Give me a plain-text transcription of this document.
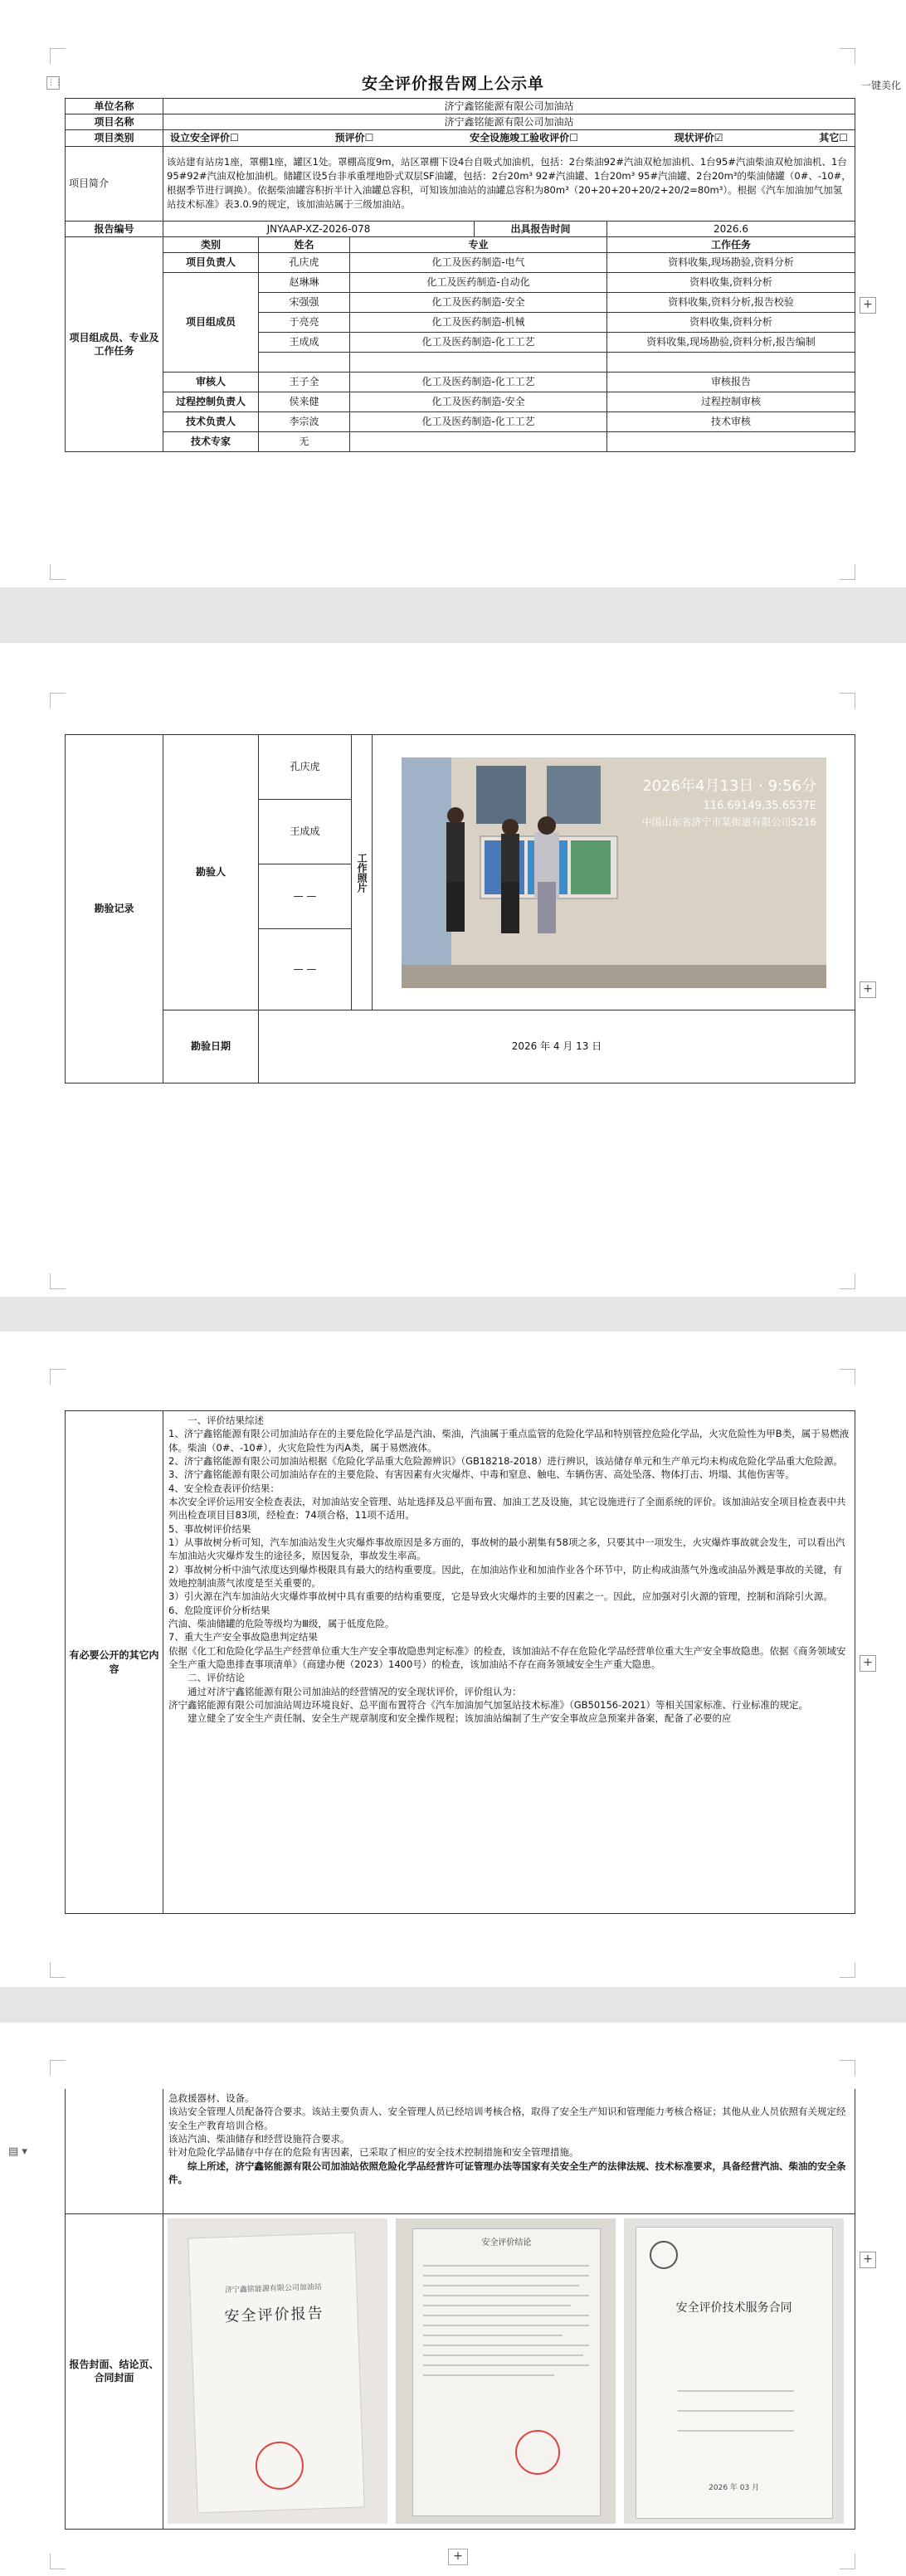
⋮⋮	一键美化
安全评价报告网上公示单
单位名称	济宁鑫铭能源有限公司加油站				
项目名称	济宁鑫铭能源有限公司加油站				
项目类别	设立安全评价☐ 预评价☐ 安全设施竣工验收评价☐ 现状评价☑ 其它☐				

项目简介	该站建有站房1座，罩棚1座，罐区1处。罩棚高度9m，站区罩棚下设4台自吸式加油机，包括：2台柴油92#汽油双枪加油机、1台95#汽油柴油双枪加油机、1台95#92#汽油双枪加油机。储罐区设5台非承重埋地卧式双层SF油罐，包括：2台20m³ 92#汽油罐、1台20m³ 95#汽油罐、2台20m³的柴油储罐（0#、-10#，根据季节进行调换）。依据柴油罐容积折半计入油罐总容积，可知该加油站的油罐总容积为80m³（20+20+20+20/2+20/2=80m³）。根据《汽车加油加气加氢站技术标准》表3.0.9的规定，该加油站属于三级加油站。				
报告编号	JNYAAP-XZ-2026-078			出具报告时间	2026.6
项目组成员、专业及工作任务	类别	姓名	专业		工作任务
	项目负责人	孔庆虎	化工及医药制造-电气		资料收集,现场勘验,资料分析
	项目组成员	赵琳琳	化工及医药制造-自动化		资料收集,资料分析
		宋强强	化工及医药制造-安全		资料收集,资料分析,报告校验
		于亮亮	化工及医药制造-机械		资料收集,资料分析
		王成成	化工及医药制造-化工工艺		资料收集,现场勘验,资料分析,报告编制

	审核人	王子全	化工及医药制造-化工工艺		审核报告
	过程控制负责人	侯来健	化工及医药制造-安全		过程控制审核
	技术负责人	李宗波	化工及医药制造-化工工艺		技术审核
	技术专家	无			
+
勘验记录	勘验人	孔庆虎	工作照片	2026年4月13日 · 9:56分
116.69149,35.6537E
中国山东省济宁市某街道有限公司S216

		王成成		
		— —		
		— —		
	勘验日期	2026 年 4 月 13 日		
+
有必要公开的其它内容	

一、评价结果综述

1、济宁鑫铭能源有限公司加油站存在的主要危险化学品是汽油、柴油，汽油属于重点监管的危险化学品和特别管控危险化学品，火灾危险性为甲B类，属于易燃液体。柴油（0#、-10#），火灾危险性为丙A类，属于易燃液体。

2、济宁鑫铭能源有限公司加油站根据《危险化学品重大危险源辨识》（GB18218-2018）进行辨识，该站储存单元和生产单元均未构成危险化学品重大危险源。

3、济宁鑫铭能源有限公司加油站存在的主要危险、有害因素有火灾爆炸、中毒和窒息、触电、车辆伤害、高处坠落、物体打击、坍塌、其他伤害等。

4、安全检查表评价结果：

本次安全评价运用安全检查表法，对加油站安全管理、站址选择及总平面布置、加油工艺及设施，其它设施进行了全面系统的评价。该加油站安全项目检查表中共列出检查项目目83项，经检查：74项合格，11项不适用。

5、事故树评价结果

1）从事故树分析可知，汽车加油站发生火灾爆炸事故原因是多方面的，事故树的最小割集有58项之多，只要其中一项发生，火灾爆炸事故就会发生，可以看出汽车加油站火灾爆炸发生的途径多，原因复杂，事故发生率高。

2）事故树分析中油气浓度达到爆炸极限具有最大的结构重要度。因此，在加油站作业和加油作业各个环节中，防止构成油蒸气外逸或油品外溅是事故的关键，有效地控制油蒸气浓度是至关重要的。

3）引火源在汽车加油站火灾爆炸事故树中具有重要的结构重要度，它是导致火灾爆炸的主要的因素之一。因此，应加强对引火源的管理，控制和消除引火源。

6、危险度评价分析结果

汽油、柴油储罐的危险等级均为Ⅲ级，属于低度危险。

7、重大生产安全事故隐患判定结果

依据《化工和危险化学品生产经营单位重大生产安全事故隐患判定标准》的检查，该加油站不存在危险化学品经营单位重大生产安全事故隐患。依据《商务领域安全生产重大隐患排查事项清单》（商建办便（2023）1400号）的检查，该加油站不存在商务领域安全生产重大隐患。

二、评价结论

通过对济宁鑫铭能源有限公司加油站的经营情况的安全现状评价，评价组认为：

济宁鑫铭能源有限公司加油站周边环境良好、总平面布置符合《汽车加油加气加氢站技术标准》（GB50156-2021）等相关国家标准、行业标准的规定。

建立健全了安全生产责任制、安全生产规章制度和安全操作规程；该加油站编制了生产安全事故应急预案并备案，配备了必要的应

+
▤ ▾

	急救援器材、设备。

该站安全管理人员配备符合要求。该站主要负责人、安全管理人员已经培训考核合格，取得了安全生产知识和管理能力考核合格证；其他从业人员依照有关规定经安全生产教育培训合格。

该站汽油、柴油储存和经营设施符合要求。

针对危险化学品储存中存在的危险有害因素，已采取了相应的安全技术控制措施和安全管理措施。

综上所述，济宁鑫铭能源有限公司加油站依照危险化学品经营许可证管理办法等国家有关安全生产的法律法规、技术标准要求，具备经营汽油、柴油的安全条件。

报告封面、结论页、合同封面	济宁鑫铭能源有限公司加油站
安全评价报告

安全评价结论

安全评价技术服务合同
2026 年 03 月
+
+
